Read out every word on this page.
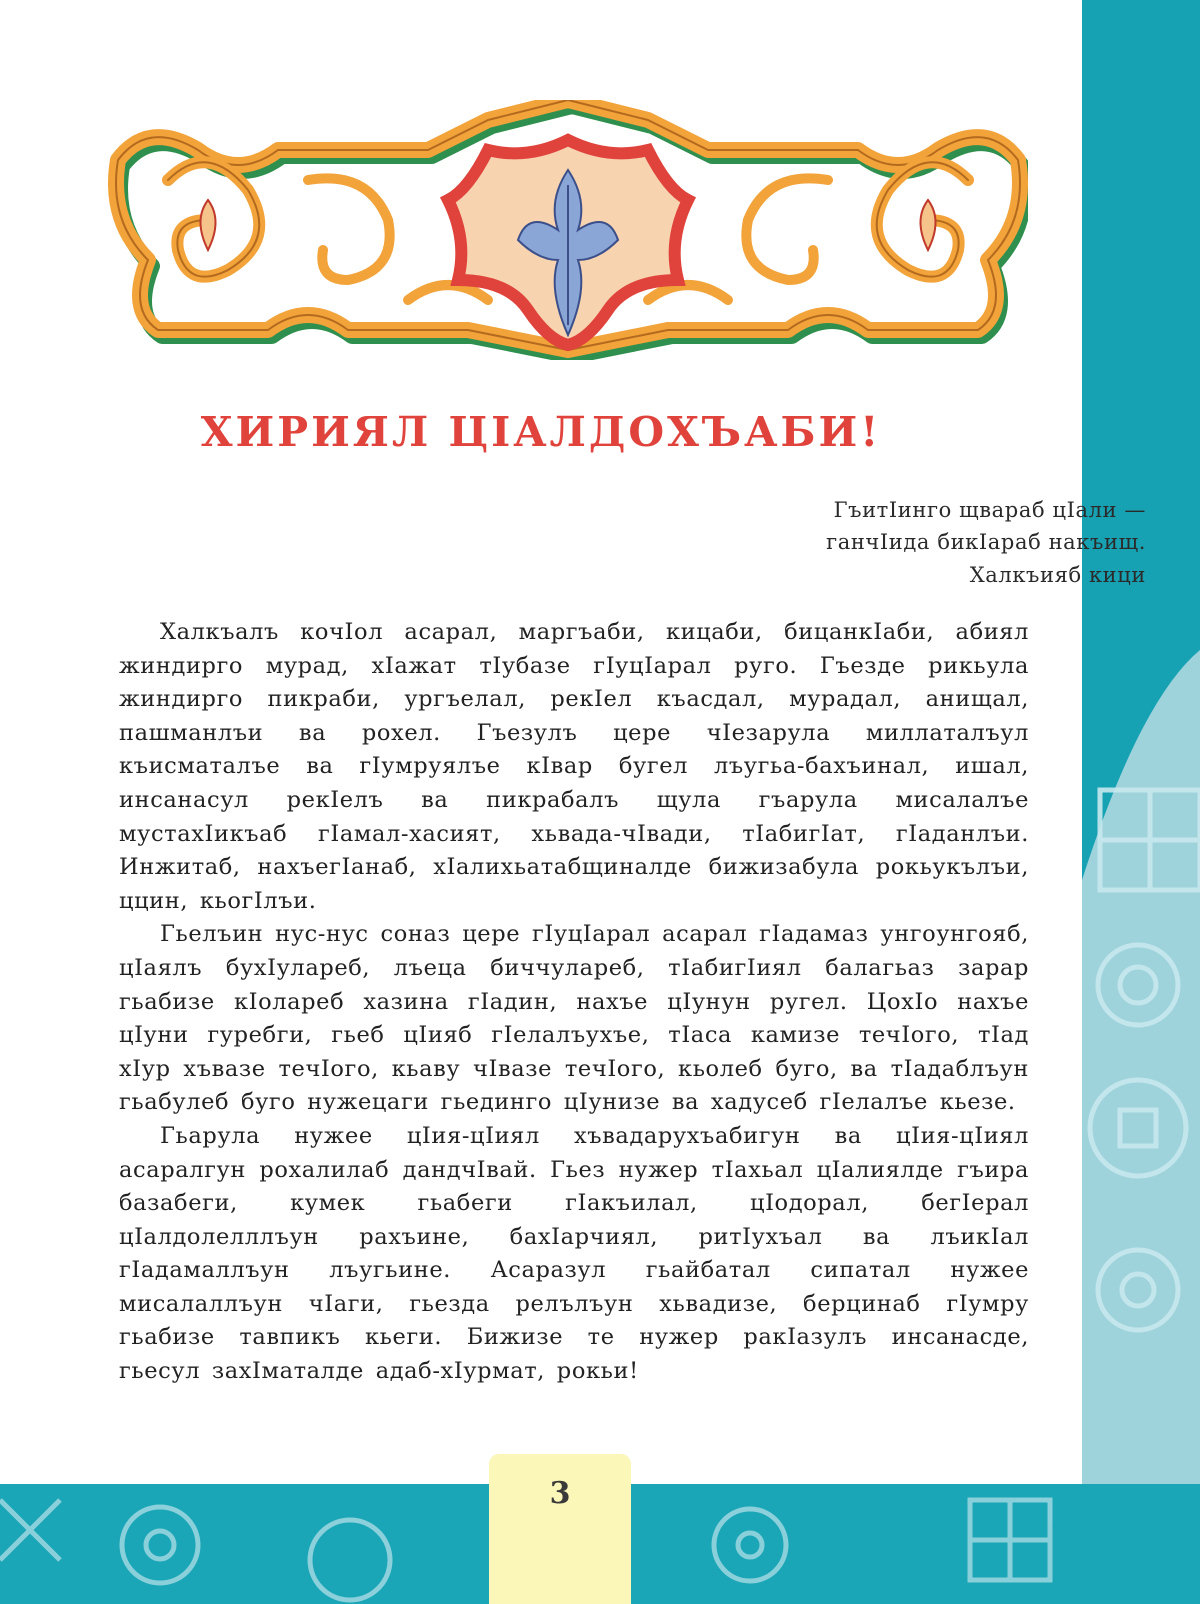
ХИРИЯЛ ЦIАЛДОХЪАБИ!
ГъитIинго щвараб цIали —
ганчIида бикIараб накъищ.
Халкъияб кици

Халкъалъ кочIол асарал, маргъаби, кицаби, бицанкIаби, абиял жиндирго мурад, хIажат тIубазе гIуцIарал руго. Гъезде рикьула жиндирго пикраби, ургъелал, рекIел къасдал, мурадал, анищал, пашманлъи ва рохел. Гъезулъ цере чIезарула миллаталъул къисматалъе ва гIумруялъе кIвар бугел лъугьа-бахъинал, ишал, инсанасул рекIелъ ва пикрабалъ щула гъарула мисалалъе мустахIикъаб гIамал-хасият, хьвада-чIвади, тIабигIат, гIаданлъи. Инжитаб, нахъегIанаб, хIалихьатабщиналде бижизабула рокьукълъи, ццин, кьогIлъи.

Гьелъин нус-нус соназ цере гIуцIарал асарал гIадамаз унгоунгояб, цIаялъ бухIулареб, лъеца биччулареб, тIабигIиял балагьаз зарар гьабизе кIолареб хазина гIадин, нахъе цIунун ругел. ЦохIо нахъе цIуни гуребги, гьеб цIияб гIелалъухъе, тIаса камизе течIого, тIад хIур хъвазе течIого, кьаву чIвазе течIого, кьолеб буго, ва тIадаблъун гьабулеб буго нужецаги гьединго цIунизе ва хадусеб гIелалъе кьезе.

Гьарула нужее цIия-цIиял хъвадарухъабигун ва цIия-цIиял асаралгун рохалилаб дандчIвай. Гьез нужер тIахьал цIалиялде гъира базабеги, кумек гьабеги гIакъилал, цIодорал, бегIерал цIалдолелллъун рахъине, бахIарчиял, ритIухъал ва лъикIал гIадамаллъун лъугьине. Асаразул гьайбатал сипатал нужее мисалаллъун чIаги, гьезда релълъун хьвадизе, берцинаб гIумру гьабизе тавпикъ кьеги. Бижизе те нужер ракIазулъ инсанасде, гьесул захIматалде адаб-хIурмат, рокьи!

3
